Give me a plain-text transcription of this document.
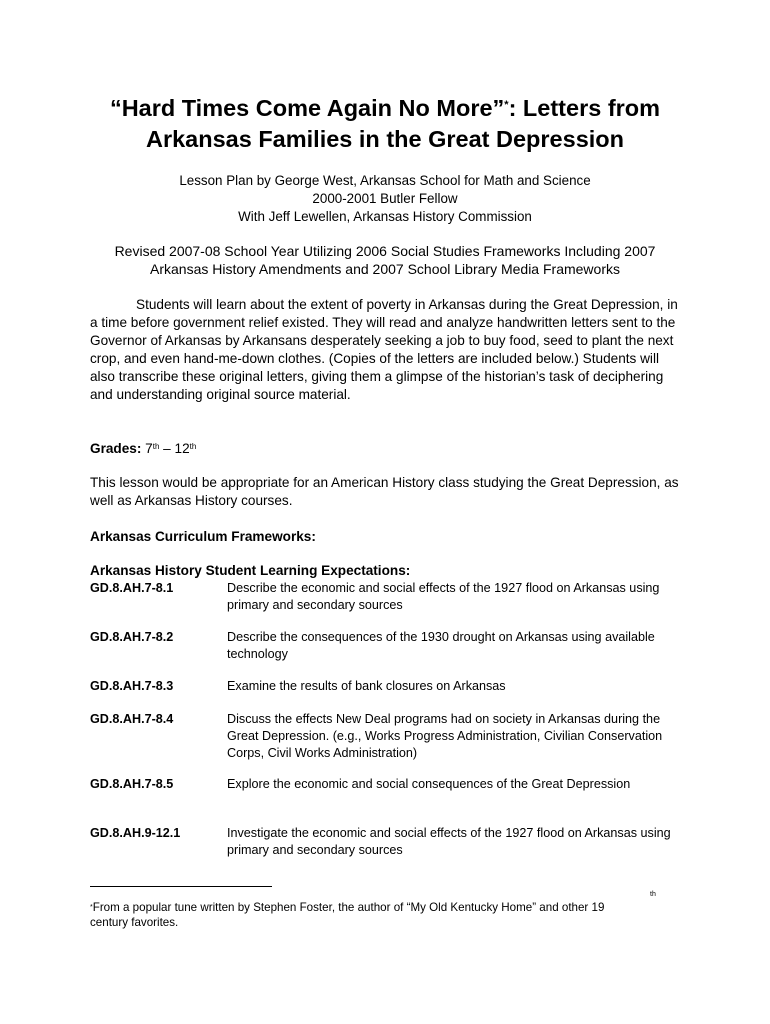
“Hard Times Come Again No More”*: Letters from
Arkansas Families in the Great Depression
Lesson Plan by George West, Arkansas School for Math and Science
2000-2001 Butler Fellow
With Jeff Lewellen, Arkansas History Commission
Revised 2007-08 School Year Utilizing 2006 Social Studies Frameworks Including 2007
Arkansas History Amendments and 2007 School Library Media Frameworks
Students will learn about the extent of poverty in Arkansas during the Great Depression, in a time before government relief existed. They will read and analyze handwritten letters sent to the Governor of Arkansas by Arkansans desperately seeking a job to buy food, seed to plant the next crop, and even hand-me-down clothes. (Copies of the letters are included below.) Students will also transcribe these original letters, giving them a glimpse of the historian’s task of deciphering and understanding original source material.
Grades: 7th – 12th
This lesson would be appropriate for an American History class studying the Great Depression, as well as Arkansas History courses.
Arkansas Curriculum Frameworks:
Arkansas History Student Learning Expectations:
GD.8.AH.7-8.1	Describe the economic and social effects of the 1927 flood on Arkansas using primary and secondary sources
GD.8.AH.7-8.2	Describe the consequences of the 1930 drought on Arkansas using available technology
GD.8.AH.7-8.3	Examine the results of bank closures on Arkansas
GD.8.AH.7-8.4	Discuss the effects New Deal programs had on society in Arkansas during the Great Depression. (e.g., Works Progress Administration, Civilian Conservation Corps, Civil Works Administration)
GD.8.AH.7-8.5	Explore the economic and social consequences of the Great Depression
GD.8.AH.9-12.1	Investigate the economic and social effects of the 1927 flood on Arkansas using primary and secondary sources
th
*From a popular tune written by Stephen Foster, the author of “My Old Kentucky Home” and other 19
century favorites.
